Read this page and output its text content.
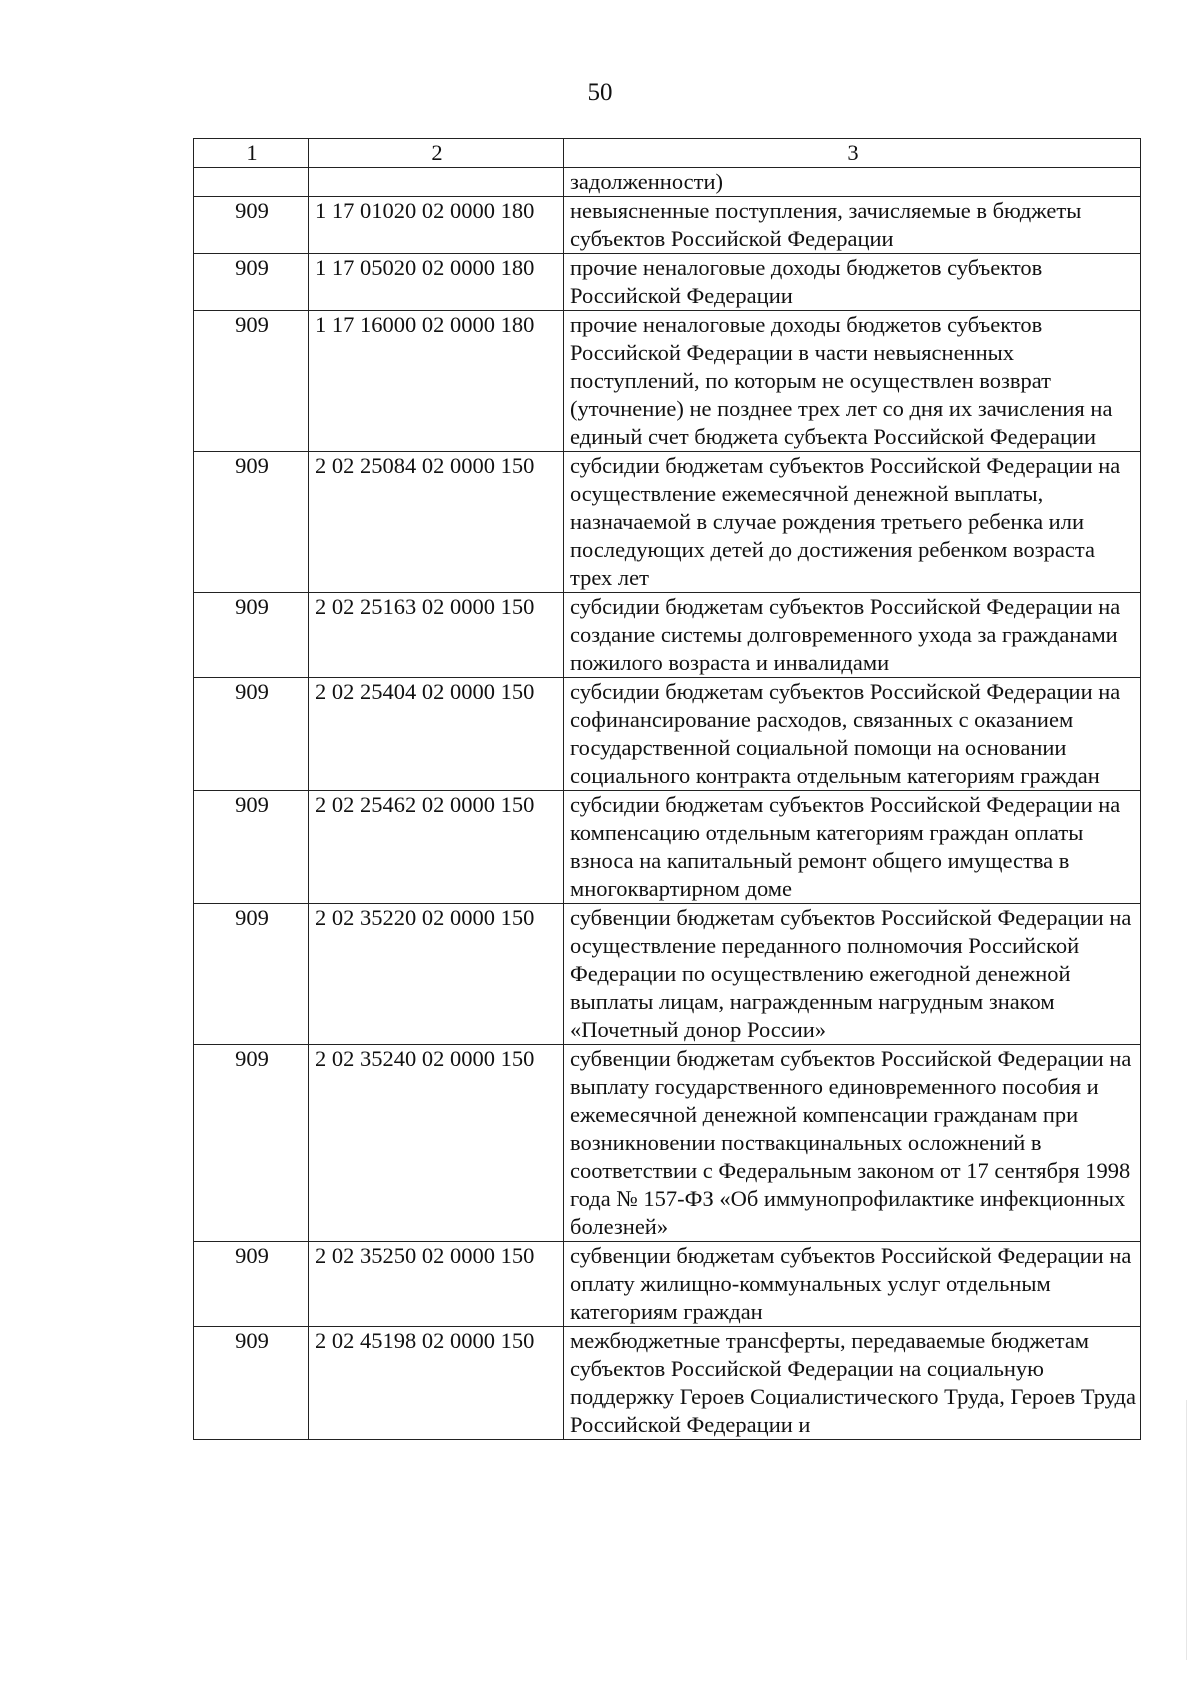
50
1	2	3
		задолженности)
909	1 17 01020 02 0000 180	невыясненные поступления, зачисляемые в бюджеты субъектов Российской Федерации
909	1 17 05020 02 0000 180	прочие неналоговые доходы бюджетов субъектов Российской Федерации
909	1 17 16000 02 0000 180	прочие неналоговые доходы бюджетов субъектов Российской Федерации в части невыясненных поступлений, по которым не осуществлен возврат (уточнение) не позднее трех лет со дня их зачисления на единый счет бюджета субъекта Российской Федерации
909	2 02 25084 02 0000 150	субсидии бюджетам субъектов Российской Федерации на осуществление ежемесячной денежной выплаты, назначаемой в случае рождения третьего ребенка или последующих детей до достижения ребенком возраста трех лет
909	2 02 25163 02 0000 150	субсидии бюджетам субъектов Российской Федерации на создание системы долговременного ухода за гражданами пожилого возраста и инвалидами
909	2 02 25404 02 0000 150	субсидии бюджетам субъектов Российской Федерации на софинансирование расходов, связанных с оказанием государственной социальной помощи на основании социального контракта отдельным категориям граждан
909	2 02 25462 02 0000 150	субсидии бюджетам субъектов Российской Федерации на компенсацию отдельным категориям граждан оплаты взноса на капитальный ремонт общего имущества в многоквартирном доме
909	2 02 35220 02 0000 150	субвенции бюджетам субъектов Российской Федерации на осуществление переданного полномочия Российской Федерации по осуществлению ежегодной денежной выплаты лицам, награжденным нагрудным знаком «Почетный донор России»
909	2 02 35240 02 0000 150	субвенции бюджетам субъектов Российской Федерации на выплату государственного единовременного пособия и ежемесячной денежной компенсации гражданам при возникновении поствакцинальных осложнений в соответствии с Федеральным законом от 17 сентября 1998 года № 157-ФЗ «Об иммунопрофилактике инфекционных болезней»
909	2 02 35250 02 0000 150	субвенции бюджетам субъектов Российской Федерации на оплату жилищно-коммунальных услуг отдельным категориям граждан
909	2 02 45198 02 0000 150	межбюджетные трансферты, передаваемые бюджетам субъектов Российской Федерации на социальную поддержку Героев Социалистического Труда, Героев Труда Российской Федерации и
